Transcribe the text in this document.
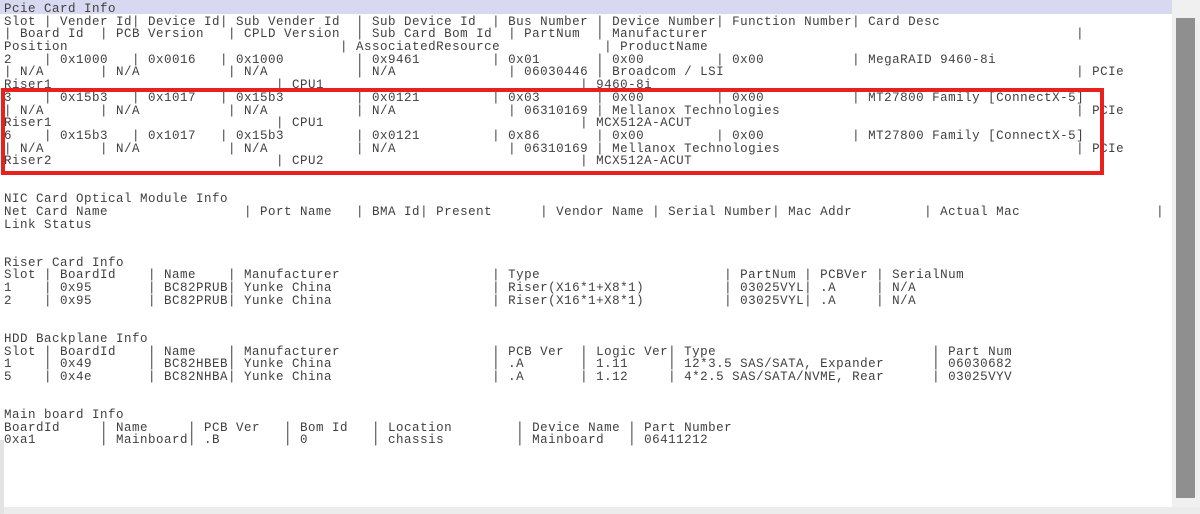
Pcie Card Info
Slot | Vender Id| Device Id| Sub Vender Id  | Sub Device Id  | Bus Number | Device Number| Function Number| Card Desc
| Board Id  | PCB Version   | CPLD Version  | Sub Card Bom Id  | PartNum  | Manufacturer                                              |
Position                                  | AssociatedResource             | ProductName
2    | 0x1000   | 0x0016   | 0x1000         | 0x9461         | 0x01       | 0x00         | 0x00           | MegaRAID 9460-8i
| N/A       | N/A           | N/A           | N/A              | 06030446 | Broadcom / LSI                                            | PCIe
Riser1                            | CPU1                                | 9460-8i
3    | 0x15b3   | 0x1017   | 0x15b3         | 0x0121         | 0x03       | 0x00         | 0x00           | MT27800 Family [ConnectX-5]
| N/A       | N/A           | N/A           | N/A              | 06310169 | Mellanox Technologies                                     | PCIe
Riser1                            | CPU1                                | MCX512A-ACUT
6    | 0x15b3   | 0x1017   | 0x15b3         | 0x0121         | 0x86       | 0x00         | 0x00           | MT27800 Family [ConnectX-5]
| N/A       | N/A           | N/A           | N/A              | 06310169 | Mellanox Technologies                                     | PCIe
Riser2                            | CPU2                                | MCX512A-ACUT
NIC Card Optical Module Info
Net Card Name                 | Port Name   | BMA Id| Present      | Vendor Name | Serial Number| Mac Addr         | Actual Mac                 |
Link Status
Riser Card Info
Slot | BoardId    | Name    | Manufacturer                   | Type                       | PartNum | PCBVer | SerialNum
1    | 0x95       | BC82PRUB| Yunke China                    | Riser(X16*1+X8*1)          | 03025VYL| .A     | N/A
2    | 0x95       | BC82PRUB| Yunke China                    | Riser(X16*1+X8*1)          | 03025VYL| .A     | N/A
HDD Backplane Info
Slot | BoardId    | Name    | Manufacturer                   | PCB Ver  | Logic Ver| Type                           | Part Num
1    | 0x49       | BC82HBEB| Yunke China                    | .A       | 1.11     | 12*3.5 SAS/SATA, Expander      | 06030682
5    | 0x4e       | BC82NHBA| Yunke China                    | .A       | 1.12     | 4*2.5 SAS/SATA/NVME, Rear      | 03025VYV
Main board Info
BoardId     | Name     | PCB Ver   | Bom Id   | Location        | Device Name | Part Number
0xa1        | Mainboard| .B        | 0        | chassis         | Mainboard   | 06411212
